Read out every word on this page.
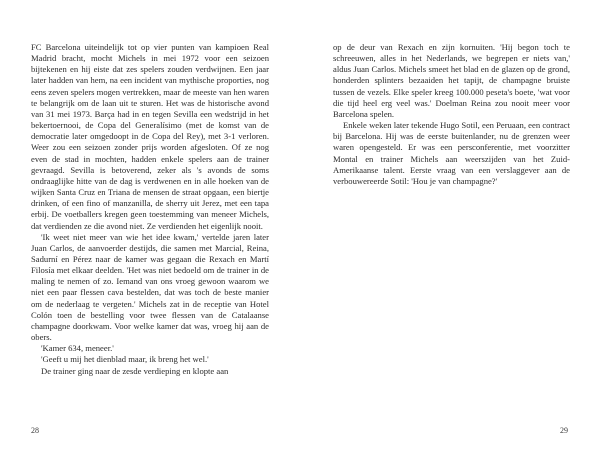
FC Barcelona uiteindelijk tot op vier punten van kampioen Real Madrid bracht, mocht Michels in mei 1972 voor een seizoen bijtekenen en hij eiste dat zes spelers zouden verdwijnen. Een jaar later hadden van hem, na een incident van mythische proporties, nog eens zeven spelers mogen vertrekken, maar de meeste van hen waren te belangrijk om de laan uit te sturen. Het was de historische avond van 31 mei 1973. Barça had in en tegen Sevilla een wedstrijd in het bekertoernooi, de Copa del Generalísimo (met de komst van de democratie later omgedoopt in de Copa del Rey), met 3-1 verloren. Weer zou een seizoen zonder prijs worden afgesloten. Of ze nog even de stad in mochten, hadden enkele spelers aan de trainer gevraagd. Sevilla is betoverend, zeker als 's avonds de soms ondraaglijke hitte van de dag is verdwenen en in alle hoeken van de wijken Santa Cruz en Triana de mensen de straat opgaan, een biertje drinken, of een fino of manzanilla, de sherry uit Jerez, met een tapa erbij. De voetballers kregen geen toestemming van meneer Michels, dat verdienden ze die avond niet. Ze verdienden het eigenlijk nooit.

'Ik weet niet meer van wie het idee kwam,' vertelde jaren later Juan Carlos, de aanvoerder destijds, die samen met Marcial, Reina, Sadurní en Pérez naar de kamer was gegaan die Rexach en Martí Filosía met elkaar deelden. 'Het was niet bedoeld om de trainer in de maling te nemen of zo. Iemand van ons vroeg gewoon waarom we niet een paar flessen cava bestelden, dat was toch de beste manier om de nederlaag te vergeten.' Michels zat in de receptie van Hotel Colón toen de bestelling voor twee flessen van de Catalaanse champagne doorkwam. Voor welke kamer dat was, vroeg hij aan de obers.

'Kamer 634, meneer.'

'Geeft u mij het dienblad maar, ik breng het wel.'

De trainer ging naar de zesde verdieping en klopte aan

28

op de deur van Rexach en zijn kornuiten. 'Hij begon toch te schreeuwen, alles in het Nederlands, we begrepen er niets van,' aldus Juan Carlos. Michels smeet het blad en de glazen op de grond, honderden splinters bezaaiden het tapijt, de champagne bruiste tussen de vezels. Elke speler kreeg 100.000 peseta's boete, 'wat voor die tijd heel erg veel was.' Doelman Reina zou nooit meer voor Barcelona spelen.

Enkele weken later tekende Hugo Sotil, een Peruaan, een contract bij Barcelona. Hij was de eerste buitenlander, nu de grenzen weer waren opengesteld. Er was een persconferentie, met voorzitter Montal en trainer Michels aan weerszijden van het Zuid-Amerikaanse talent. Eerste vraag van een verslaggever aan de verbouwereerde Sotil: 'Hou je van champagne?'

29
